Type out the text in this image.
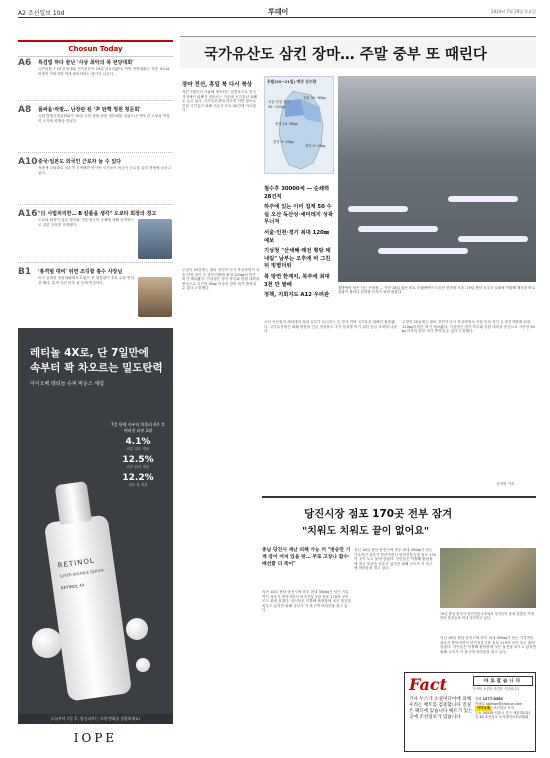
A2 조선일보 10d	투데이	2024년 7월 20일 토요일
Chosun Today
A6 특검법 하다 끝난 '사상 최악의 폭 전당대회'
국민의힘 7·23 전당대회 선거운동이 19일 마무리됐다. 이번 전당대회는 각종 폭로와 비방이 이어지며 역대 최악이라는 평가가 나온다.
A8 폼싸움·막말… 난장판 된 '尹 탄핵 청원 청문회'
국회 법제사법위원회가 19일 국민 청원 관련 청문회를 열었으나 여야 간 고성과 막말이 오가며 파행을 빚었다.
A10 중국·일본도 외국인 근로자 늘 수 있다
저출생 고령화로 일손이 부족해진 아시아 국가들이 외국인 근로자 유치 경쟁에 나서고 있다.
A16 "日 사법처리한… B 칼플을 생각" 도쿄타 회장의 경고
도요타 회장이 일본 정부와 사법 당국의 규제에 대해 공개적으로 강한 우려를 표명했다.
B1 '총격범 대비' 뒤면 조깅할 총수 사장님
미국 공화당 전당대회에서 트럼프 전 대통령이 후보 수락 연설을 했다. 총격 사건 이후 첫 공개 연설이다.
레티놀 4X로, 단 7일만에
속부터 꽉 차오르는 밀도탄력
아이오페 레티놀 슈퍼 바운스 세럼
7일 단에 속부터 차올라 4주 후 여러진 피부 1위
4.1%
피부 밀도 개선
12.5%
피부 탄력 개선
12.2%
피부 결 개선
RETINOL
SUPER BOUNCE SERUM
RETINOL 4X
오늘부터 7일 후, 당신피부는 크게 변화를 경험하세요!
IOPE
국가유산도 삼킨 장마… 주말 중부 또 때린다
장마 전선, 휴일 북 다시 북상
지난 7월부터 사흘째 계속되는 집중호우로 전국 각지에서 피해가 잇따르는 가운데 국가유산 피해도 늘고 있다. 국가유산청에 따르면 이번 장마로 인한 국가유산 피해 건수가 모두 30건에 이르렀다.
주말인 20일에는 장마 전선이 다시 북상하면서 서울·인천·경기 등 중부지방에 최대 120㎜의 많은 비가 예보됐다. 기상청은 경기 북부와 강원 내륙을 중심으로 시간당 30㎜ 이상의 강한 비가 쏟아질 수 있다고 밝혔다.
주말(20~21일) 예상 강수량
서울·인천·경기 30~100㎜
강원 30~80㎜
충청 10~60㎜
전북 5~40㎜
경남 5~40㎜
철수후 30000세 — 순쇄력 28건직
하주에 있는 이미 집계 50 수실 오산 독산성·세미테지 성곽 무너져
서울·인천·경기 최대 120㎜ 예보
기상청 "산세혜·레전 형탕 태내림" 남부는 오후에 비 그친 뒤 빙볕더위
북 방면 한계치, 북부에 최대 3천 만 발배
정책, 지회지도 A12 우려관
물바뀌어 닷은 인근 선착장 — 지난 18일 많은 비로 모랫바닥이 드러난 선착장 모습. 19일 충남 공주시 일대에 이틀째 계속된 비로 강물이 불어나 선착장 부지가 물에 잠겼다.
오산 독산성과 세마대지 성곽 일부가 무너지는 등 경기 지역 국가유산 피해가 집중됐다. 국가유산청은 피해 현장을 긴급 점검하고 추가 붕괴를 막기 위한 응급 조치에 나섰다.
주말인 20일에는 장마 전선이 다시 북상하면서 서울·인천·경기 등 중부지방에 최대 120㎜의 많은 비가 예보됐다. 기상청은 경기 북부와 강원 내륙을 중심으로 시간당 30㎜ 이상의 강한 비가 쏟아질 수 있다고 밝혔다.
김자연 기자
당진시장 점포 170곳 전부 잠겨
"치워도 치워도 끝이 없어요"
충남 당진시 재난 피해 가능 커 "방송만 기계 장이 켜져 있을 판… 주로 고장나 할수·배선할 더 죽어"
지난 18일 충남 당진시에 하루 최대 300㎜가 넘는 기록적인 폭우가 쏟아지면서 당진전통시장 점포 170여 곳이 모두 물에 잠겼다. 상인들은 이틀째 흙탕물에 젖은 물건을 치우고 있지만 피해 규모가 커 복구에 어려움을 겪고 있다.
지난 18일 충남 당진시에 하루 최대 300㎜가 넘는 기록적인 폭우가 쏟아지면서 당진전통시장 점포 170여 곳이 모두 물에 잠겼다. 상인들은 이틀째 흙탕물에 젖은 물건을 치우고 있지만 피해 규모가 커 복구에 어려움을 겪고 있다.
19일 충남 당진시 당진전통시장에서 상인들이 물에 잠겼던 가게 안의 물건들을 꺼내 정리하고 있다.
지난 18일 충남 당진시에 하루 최대 300㎜가 넘는 기록적인 폭우가 쏟아지면서 당진전통시장 점포 170여 곳이 모두 물에 잠겼다. 상인들은 이틀째 흙탕물에 젖은 물건을 치우고 있지만 피해 규모가 커 복구에 어려움을 겪고 있다.
Fact	바로잡습니다
독자의 소중한 의견을 기다립니다
기사 누스가 소셜미디어에 의해 우리는 배트를 검증합니다 진실은 팩트에 있습니다 팩트가 있는 곳에 조선일보가 있습니다
전화 1577-8585
이메일 opinion@chosun.com
카카오톡 조선일보 독자
주소 04519 서울시 중구 세종대로21길 30 조선일보 독자권익보호위원회
